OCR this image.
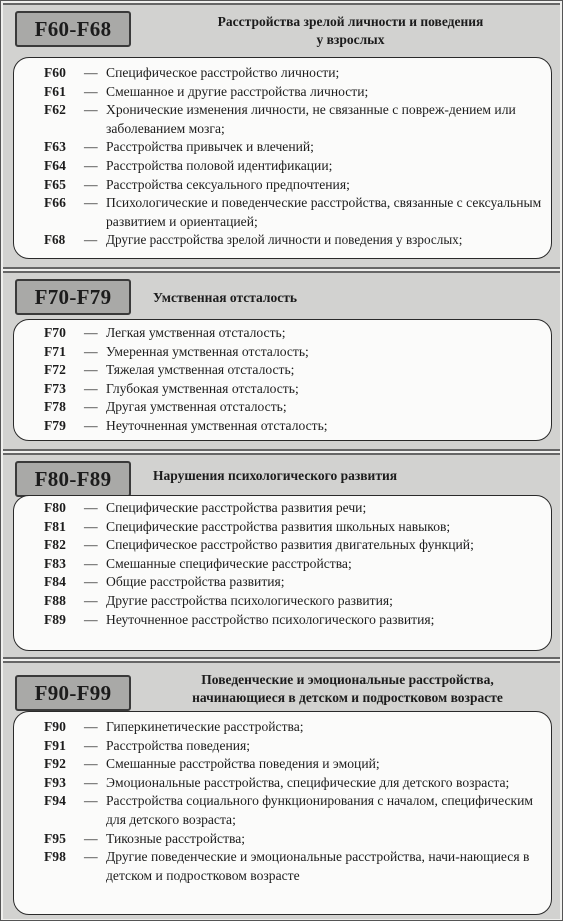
F60-F68	Расстройства зрелой личности и поведения
у взрослых
F60 — Специфическое расстройство личности;
F61 — Смешанное и другие расстройства личности;
F62 — Хронические изменения личности, не связанные с повреж-дением или заболеванием мозга;
F63 — Расстройства привычек и влечений;
F64 — Расстройства половой идентификации;
F65 — Расстройства сексуального предпочтения;
F66 — Психологические и поведенческие расстройства, связанные с сексуальным развитием и ориентацией;
F68 — Другие расстройства зрелой личности и поведения у взрослых;
F70-F79	Умственная отсталость
F70 — Легкая умственная отсталость;
F71 — Умеренная умственная отсталость;
F72 — Тяжелая умственная отсталость;
F73 — Глубокая умственная отсталость;
F78 — Другая умственная отсталость;
F79 — Неуточненная умственная отсталость;
F80-F89	Нарушения психологического развития
F80 — Специфические расстройства развития речи;
F81 — Специфические расстройства развития школьных навыков;
F82 — Специфическое расстройство развития двигательных функций;
F83 — Смешанные специфические расстройства;
F84 — Общие расстройства развития;
F88 — Другие расстройства психологического развития;
F89 — Неуточненное расстройство психологического развития;
F90-F99
Поведенческие и эмоциональные расстройства,
начинающиеся в детском и подростковом возрасте
F90 — Гиперкинетические расстройства;
F91 — Расстройства поведения;
F92 — Смешанные расстройства поведения и эмоций;
F93 — Эмоциональные расстройства, специфические для детского возраста;
F94 — Расстройства социального функционирования с началом, специфическим для детского возраста;
F95 — Тикозные расстройства;
F98 — Другие поведенческие и эмоциональные расстройства, начи-нающиеся в детском и подростковом возрасте
